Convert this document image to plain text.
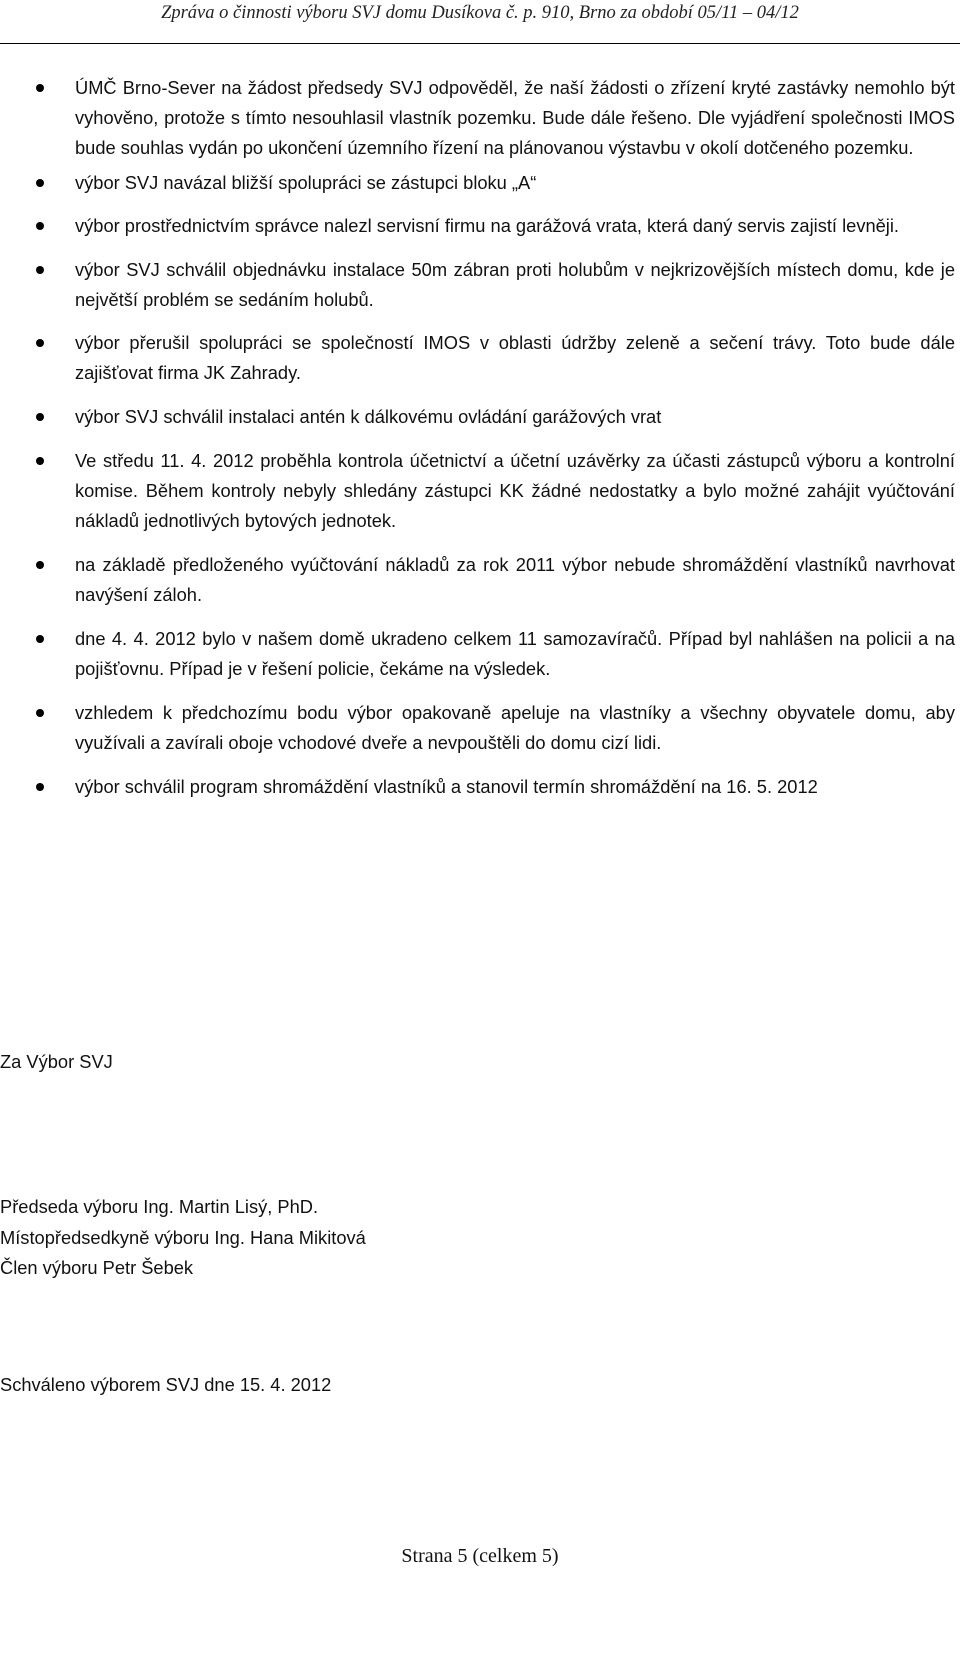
Zpráva o činnosti výboru SVJ domu Dusíkova č. p. 910, Brno za období 05/11 – 04/12
ÚMČ Brno-Sever na žádost předsedy SVJ odpověděl, že naší žádosti o zřízení kryté zastávky nemohlo být vyhověno, protože s tímto nesouhlasil vlastník pozemku. Bude dále řešeno. Dle vyjádření společnosti IMOS bude souhlas vydán po ukončení územního řízení na plánovanou výstavbu v okolí dotčeného pozemku.
výbor SVJ navázal bližší spolupráci se zástupci bloku „A“
výbor prostřednictvím správce nalezl servisní firmu na garážová vrata, která daný servis zajistí levněji.
výbor SVJ schválil objednávku instalace 50m zábran proti holubům v nejkrizovějších místech domu, kde je největší problém se sedáním holubů.
výbor přerušil spolupráci se společností IMOS v oblasti údržby zeleně a sečení trávy. Toto bude dále zajišťovat firma JK Zahrady.
výbor SVJ schválil instalaci antén k dálkovému ovládání garážových vrat
Ve středu 11. 4. 2012 proběhla kontrola účetnictví a účetní uzávěrky za účasti zástupců výboru a kontrolní komise. Během kontroly nebyly shledány zástupci KK žádné nedostatky a bylo možné zahájit vyúčtování nákladů jednotlivých bytových jednotek.
na základě předloženého vyúčtování nákladů za rok 2011 výbor nebude shromáždění vlastníků navrhovat navýšení záloh.
dne 4. 4. 2012 bylo v našem domě ukradeno celkem 11 samozavíračů. Případ byl nahlášen na policii a na pojišťovnu. Případ je v řešení policie, čekáme na výsledek.
vzhledem k předchozímu bodu výbor opakovaně apeluje na vlastníky a všechny obyvatele domu, aby využívali a zavírali oboje vchodové dveře a nevpouštěli do domu cizí lidi.
výbor schválil program shromáždění vlastníků a stanovil termín shromáždění na 16. 5. 2012
Za Výbor SVJ
Předseda výboru Ing. Martin Lisý, PhD.
Místopředsedkyně výboru Ing. Hana Mikitová
Člen výboru Petr Šebek
Schváleno výborem SVJ dne 15. 4. 2012
Strana 5 (celkem 5)
